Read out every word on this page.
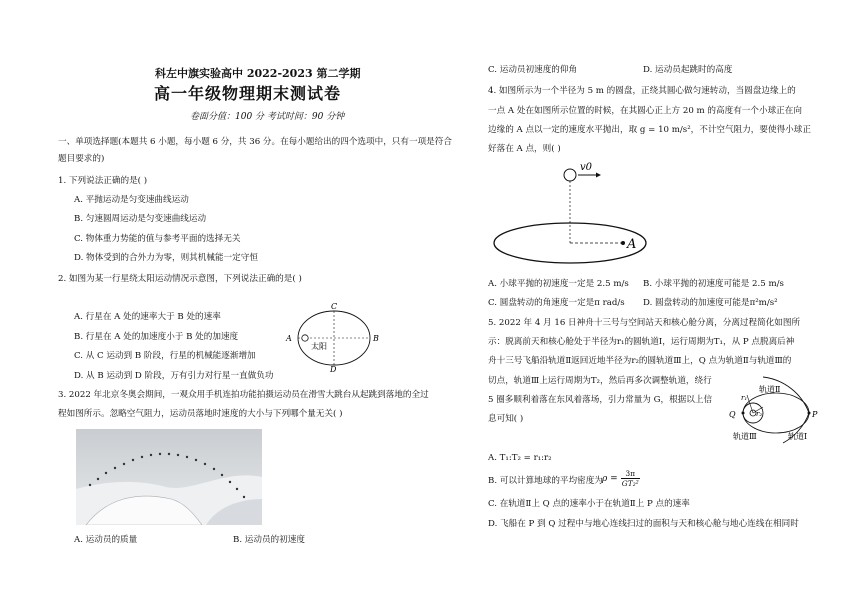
科左中旗实验高中 2022-2023 第二学期
高一年级物理期末测试卷
卷面分值：100 分 考试时间：90 分钟
一、单项选择题(本题共 6 小题，每小题 6 分，共 36 分。在每小题给出的四个选项中，只有一项是符合
题目要求的)
1. 下列说法正确的是( )
A. 平抛运动是匀变速曲线运动
B. 匀速圆周运动是匀变速曲线运动
C. 物体重力势能的值与参考平面的选择无关
D. 物体受到的合外力为零，则其机械能一定守恒
2. 如图为某一行星绕太阳运动情况示意图，下列说法正确的是( )
A. 行星在 A 处的速率大于 B 处的速率
B. 行星在 A 处的加速度小于 B 处的加速度
C. 从 C 运动到 B 阶段，行星的机械能逐渐增加
D. 从 B 运动到 D 阶段，万有引力对行星一直做负功
A	B
C
D
太阳
3. 2022 年北京冬奥会期间，一观众用手机连拍功能拍摄运动员在滑雪大跳台从起跳到落地的全过
程如图所示。忽略空气阻力，运动员落地时速度的大小与下列哪个量无关( )
A. 运动员的质量	B. 运动员的初速度
C. 运动员初速度的仰角	D. 运动员起跳时的高度
4. 如图所示为一个半径为 5 m 的圆盘，正绕其圆心做匀速转动，当圆盘边缘上的
一点 A 处在如图所示位置的时候，在其圆心正上方 20 m 的高度有一个小球正在向
边缘的 A 点以一定的速度水平抛出，取 g = 10 m/s²，不计空气阻力，要使得小球正
好落在 A 点，则( )
v0
A
A. 小球平抛的初速度一定是 2.5 m/s B. 小球平抛的初速度可能是 2.5 m/s
C. 圆盘转动的角速度一定是π rad/s D. 圆盘转动的加速度可能是π²m/s²
5. 2022 年 4 月 16 日神舟十三号与空间站天和核心舱分离，分离过程简化如图所
示：脱离前天和核心舱处于半径为r₁的圆轨道Ⅰ，运行周期为T₁，从 P 点脱离后神
舟十三号飞船沿轨道Ⅱ返回近地半径为r₂的圆轨道Ⅲ上，Q 点为轨道Ⅱ与轨道Ⅲ的
切点，轨道Ⅲ上运行周期为T₂，然后再多次调整轨道，绕行
5 圈多顺利着落在东风着落场，引力常量为 G，根据以上信
息可知( )
轨道Ⅱ
r₁
r₂
Q	P
轨道Ⅲ	轨道Ⅰ
A. T₁:T₂ = r₁:r₂
B. 可以计算地球的平均密度为 $\rho = \frac{3\pi}{\text{GT₂²}}$
C. 在轨道Ⅱ上 Q 点的速率小于在轨道Ⅱ上 P 点的速率
D. 飞船在 P 到 Q 过程中与地心连线扫过的面积与天和核心舱与地心连线在相同时
